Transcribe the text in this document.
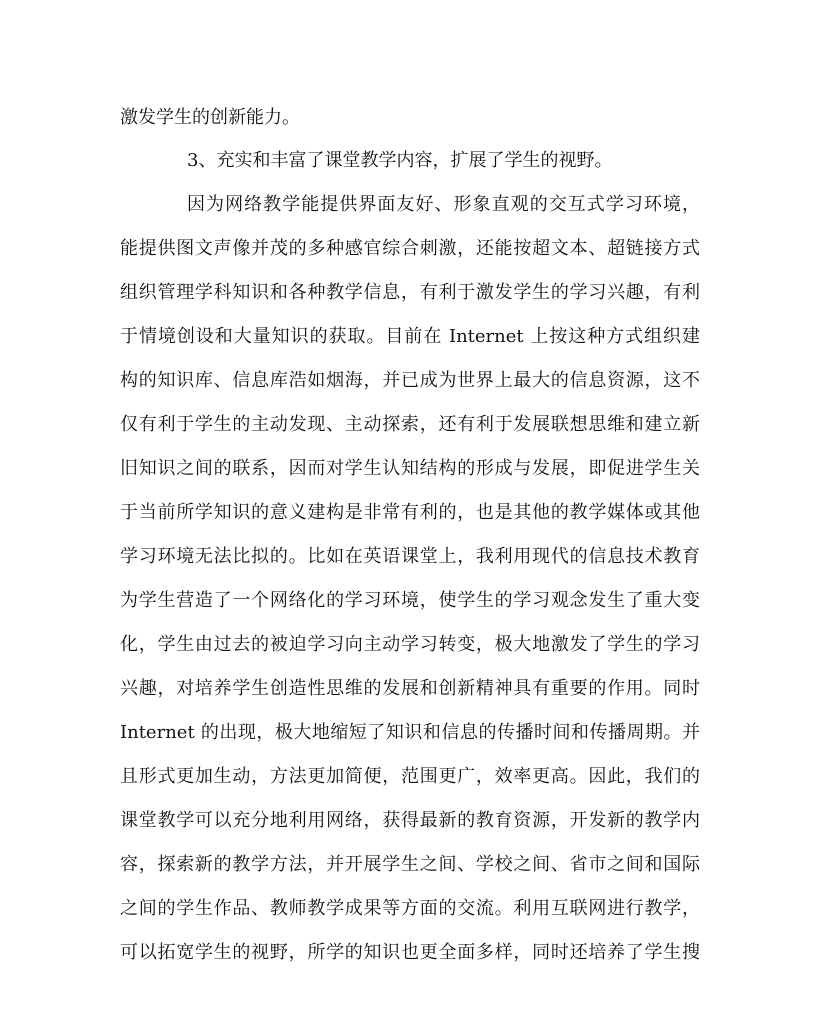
激发学生的创新能力。
3、充实和丰富了课堂教学内容，扩展了学生的视野。
因为网络教学能提供界面友好、形象直观的交互式学习环境，
能提供图文声像并茂的多种感官综合刺激，还能按超文本、超链接方式
组织管理学科知识和各种教学信息，有利于激发学生的学习兴趣，有利
于情境创设和大量知识的获取。目前在 Internet 上按这种方式组织建
构的知识库、信息库浩如烟海，并已成为世界上最大的信息资源，这不
仅有利于学生的主动发现、主动探索，还有利于发展联想思维和建立新
旧知识之间的联系，因而对学生认知结构的形成与发展，即促进学生关
于当前所学知识的意义建构是非常有利的，也是其他的教学媒体或其他
学习环境无法比拟的。比如在英语课堂上，我利用现代的信息技术教育
为学生营造了一个网络化的学习环境，使学生的学习观念发生了重大变
化，学生由过去的被迫学习向主动学习转变，极大地激发了学生的学习
兴趣，对培养学生创造性思维的发展和创新精神具有重要的作用。同时
Internet 的出现，极大地缩短了知识和信息的传播时间和传播周期。并
且形式更加生动，方法更加简便，范围更广，效率更高。因此，我们的
课堂教学可以充分地利用网络，获得最新的教育资源，开发新的教学内
容，探索新的教学方法，并开展学生之间、学校之间、省市之间和国际
之间的学生作品、教师教学成果等方面的交流。利用互联网进行教学，
可以拓宽学生的视野，所学的知识也更全面多样，同时还培养了学生搜
